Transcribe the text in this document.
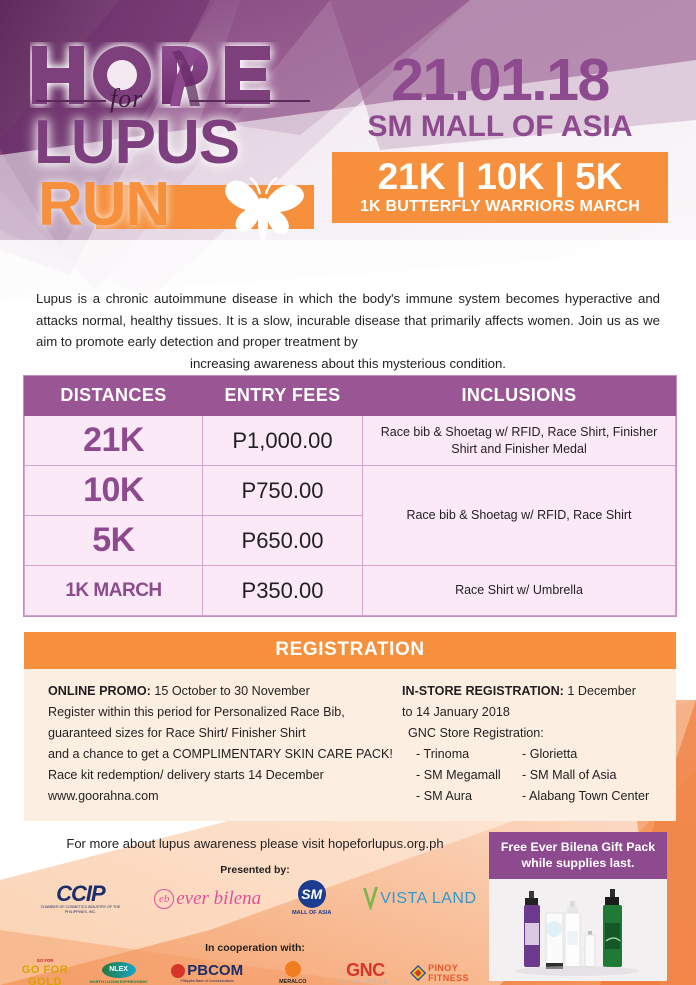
for
LUPUS
RUN
21.01.18
SM MALL OF ASIA
21K | 10K | 5K
1K BUTTERFLY WARRIORS MARCH
Lupus is a chronic autoimmune disease in which the body's immune system becomes hyperactive and attacks normal, healthy tissues. It is a slow, incurable disease that primarily affects women. Join us as we aim to promote early detection and proper treatment by
increasing awareness about this mysterious condition.
DISTANCES	ENTRY FEES	INCLUSIONS
21K	P1,000.00	Race bib & Shoetag w/ RFID, Race Shirt, Finisher Shirt and Finisher Medal
10K	P750.00	Race bib & Shoetag w/ RFID, Race Shirt
5K	P650.00	
1K MARCH	P350.00	Race Shirt w/ Umbrella
REGISTRATION
ONLINE PROMO: 15 October to 30 November
Register within this period for Personalized Race Bib,
guaranteed sizes for Race Shirt/ Finisher Shirt
and a chance to get a COMPLIMENTARY SKIN CARE PACK!
Race kit redemption/ delivery starts 14 December
www.goorahna.com
IN-STORE REGISTRATION: 1 December
to 14 January 2018
GNC Store Registration:
- Trinoma
- SM Megamall
- SM Aura
- Glorietta
- SM Mall of Asia
- Alabang Town Center
For more about lupus awareness please visit hopeforlupus.org.ph
Presented by:
CCIP
CHAMBER OF COSMETICS INDUSTRY OF THE PHILIPPINES, INC.
eb ever bilena	SM
MALL OF ASIA
VISTA LAND
In cooperation with:
GO FOR
GO FOR GOLD
NLEX
NORTH LUZON EXPRESSWAY
PBCOM
Philippine Bank of Communications	MERALCO
GNC
LIVE WELL
PINOY FITNESS
Free Ever Bilena Gift Pack
while supplies last.
